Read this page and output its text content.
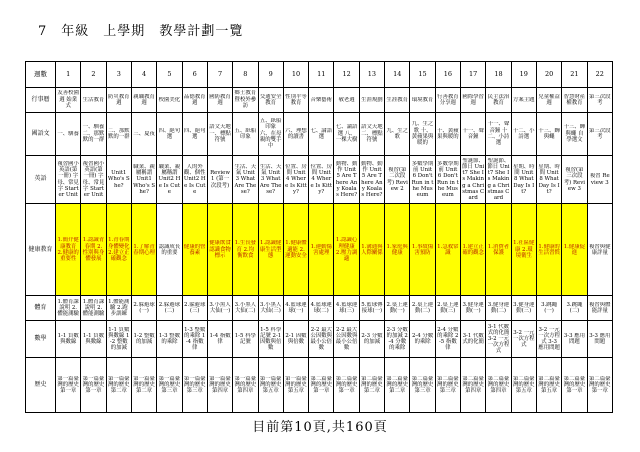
7 年級 上學期 教學計劃一覽
週數	1	2	3	4	5	6	7	8	9	10	11	12	13	14	15	16	17	18	19	20	21	22
行事曆	友善校園週 始業式	生活教育	防災教育週	親職教育週	校園美化	品德教育週	國防教育週	鄉土教育 暨校外參訪	交通安全教育	性別平等教育	音樂藝術	敬老週	生涯規劃	生涯教育	環境教育	行善教育 分享週	國際學習週	民主法治教育	方案主題	兒童權益週	智慧財產權教育	第三次段考

國語文	一、馴養	一、馴養 二、那默默的一群	二、那默默的一群	三、夏夜	四、絕句選	四、絕句選	語文天地一、標點符號	五、紙船印象	五、紙船印象 六、在母親的雙手中	六、理想的讀書	七、論語選	七、論語選 八、一棵大樹	語文天地二、標點符號	九、生之歌	九、生之歌 十、黃蘋果與暖的	十、黃蘋果與暖的	十一、聲音鐘	十一、聲音鐘 十二、小詩選	十二、小詩選	十三、蟬與蠅	十三、蟬與蠅 自學選文	第三次段考

英語	複習國小英語(第一冊) 字母、常見字 Starter Unit	複習國小英語(第一冊) 字母、常見字 Starter Unit	Unit1 Who's She?	職業、親屬稱謂 Unit1 Who's She?	職業、親屬稱謂 Unit2 He Is Cute	人的外觀、個性 Unit2 He Is Cute	Review 1 (第一次段考)	生活、天氣 Unit3 What Are These?	生活、天氣 Unit3 What Are These?	位置、房間 Unit4 Where Is Kitty?	位置、房間 Unit4 Where Is Kitty?	動物、動作 Unit5 Are There Any Koalas Here?	動物、動作 Unit5 Are There Any Koalas Here?	複習(第二次段考) Review 2	多數學期前 Unit6 Don't Run in the Museum	多數學期前 Unit6 Don't Run in the Museum	聖誕節、節日 Unit7 She Is Making a Christmas Card	聖誕節、節日 Unit7 She Is Making a Christmas Card	星期、時間 Unit8 What Day Is It?	星期、時間 Unit8 What Day Is It?	複習(第三次段考) Review 3	複習 Review 3

健康教育	1.簡介健康教育 2.健康的重要性	1.認識青春期 2.性別與身體發展	1.青春期身體變化 2.建立正確觀念	1.了解青春期心理	認識成長的重要	健康的營養素	健康飲食 認識食物標示	1.生長發育 2.均衡飲食	1.認識健康生活型態	1.健康體適能 2.運動安全	1.運動傷害處理	1.認識心理健康 2.壓力調適	1.溝通與人際關係	1.家庭與健康	1.事故傷害預防	1.急救常識	1.建立正確的觀念	1.消費者保護	1.社區健康 2.環境衛生	1.健康的生活習慣	1.健康促進	複習與健康評量

體育	1.體育課說明 2.體能測驗	1.體育課說明 2.體能測驗	1.體能測驗 2.跑步訓練	2.躲避球(一)	2.躲避球(二)	2.躲避球(三)	3.小黑人大仙(一)	3.小黑人大仙(二)	3.小黑人大仙(三)	4.籃球運球(一)	4.籃球運球(二)	4.籃球運球(三)	5.籃球傳接球(一)	2.桌上運動(一)	2.桌上運動(二)	2.桌上運動(三)	3.健身運動(一)	3.健身運動(二)	3.健身運動(三)	3.跳繩(一)	3.跳繩(二)	複習與體能評量

數學	1-1 負數與數線	1-1 負數與數線	1-1 負數與數線 1-2 整數的加減	1-2 整數的加減	1-3 整數的乘除	1-3 整數的乘除 1-4 指數律	1-4 指數律	1-5 科學記號	1-5 科學記號 2-1 因數與倍數	2-1 因數與倍數	2-2 最大公因數與最小公倍數	2-2 最大公因數與最小公倍數	2-3 分數的加減	2-3 分數的加減 2-4 分數的乘除	2-4 分數的乘除	2-4 分數的乘除 2-5 指數律	3-1 代數式的化簡	3-1 代數式的化簡 3-2 一元一次方程式	3-2 一元一次方程式	3-2 一元一次方程式 3-3 應用問題	3-3 應用問題	3-3 應用問題

歷史	第一篇臺灣的歷史 第一章	第一篇臺灣的歷史 第一章	第一篇臺灣的歷史 第二章	第一篇臺灣的歷史 第二章	第一篇臺灣的歷史 第三章	第一篇臺灣的歷史 第三章	第一篇臺灣的歷史 第四章	第一篇臺灣的歷史 第四章	第一篇臺灣的歷史 第五章	第一篇臺灣的歷史 第五章	第二篇臺灣的歷史 第一章	第二篇臺灣的歷史 第一章	第二篇臺灣的歷史 第二章	第二篇臺灣的歷史 第二章	第二篇臺灣的歷史 第三章	第二篇臺灣的歷史 第三章	第二篇臺灣的歷史 第四章	第二篇臺灣的歷史 第四章	第二篇臺灣的歷史 第五章	第二篇臺灣的歷史 第五章	第二篇臺灣的歷史 第一章	第二篇臺灣的歷史 第一章
目前第10頁,共160頁
